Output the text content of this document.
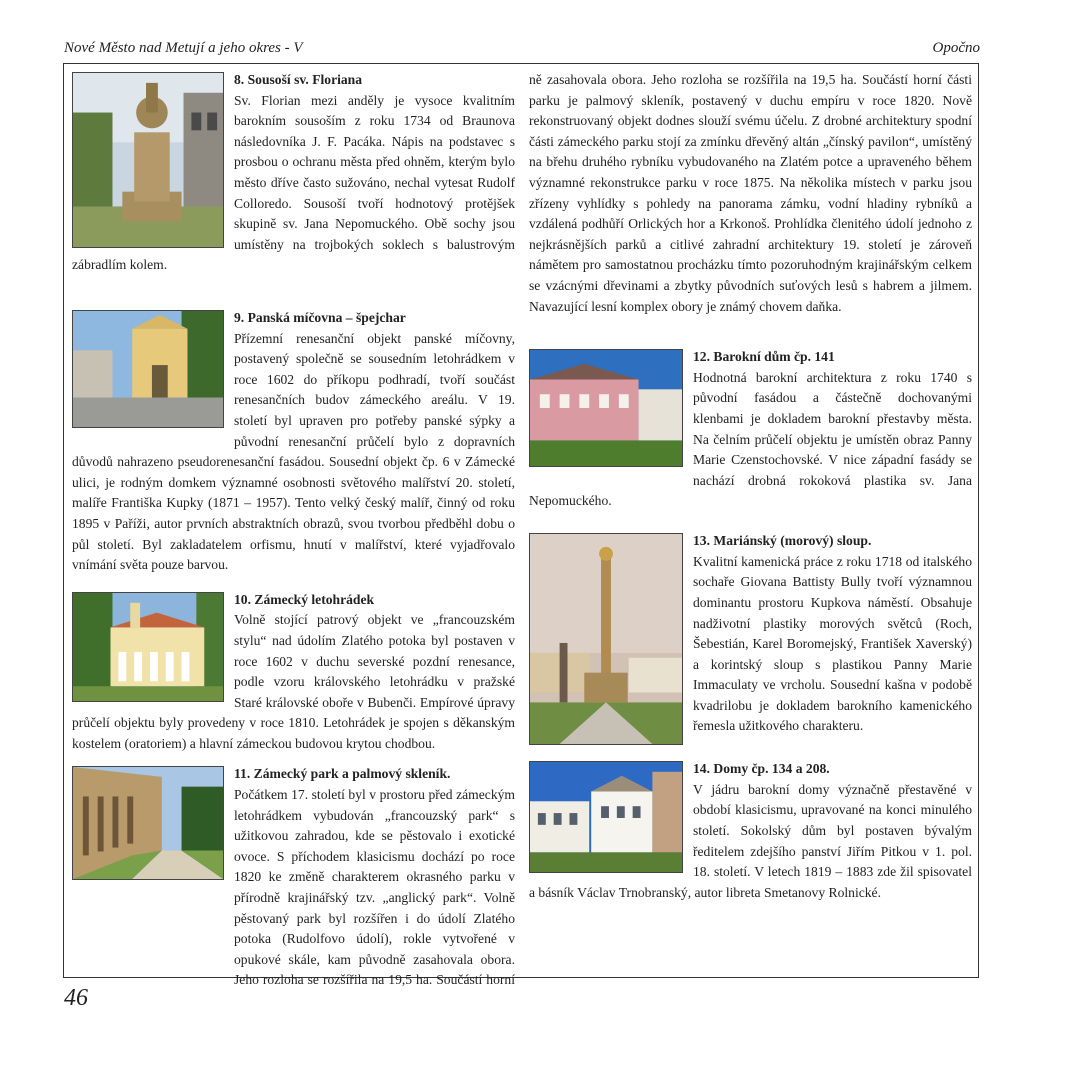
Nové Město nad Metují a jeho okres - V	Opočno
8. Sousoší sv. Floriana

Sv. Florian mezi anděly je vysoce kvalitním barokním sousoším z roku 1734 od Braunova následovníka J. F. Pacáka. Nápis na podstavec s prosbou o ochranu města před ohněm, kterým bylo město dříve často sužováno, nechal vytesat Rudolf Colloredo. Sousoší tvoří hodnotový protějšek skupině sv. Jana Nepomuckého. Obě sochy jsou umístěny na trojbokých soklech s balustrovým zábradlím kolem.

9. Panská míčovna – špejchar

Přízemní renesanční objekt panské míčovny, postavený společně se sousedním letohrádkem v roce 1602 do příkopu podhradí, tvoří součást renesančních budov zámeckého areálu. V 19. století byl upraven pro potřeby panské sýpky a původní renesanční průčelí bylo z dopravních důvodů nahrazeno pseudorenesanční fasádou. Sousední objekt čp. 6 v Zámecké ulici, je rodným domkem významné osobnosti světového malířství 20. století, malíře Františka Kupky (1871 – 1957). Tento velký český malíř, činný od roku 1895 v Paříži, autor prvních abstraktních obrazů, svou tvorbou předběhl dobu o půl století. Byl zakladatelem orfismu, hnutí v malířství, které vyjadřovalo vnímání světa pouze barvou.

10. Zámecký letohrádek

Volně stojící patrový objekt ve „francouzském stylu“ nad údolím Zlatého potoka byl postaven v roce 1602 v duchu severské pozdní renesance, podle vzoru královského letohrádku v pražské Staré královské oboře v Bubenči. Empírové úpravy průčelí objektu byly provedeny v roce 1810. Letohrádek je spojen s děkanským kostelem (oratoriem) a hlavní zámeckou budovou krytou chodbou.

11. Zámecký park a palmový skleník.

Počátkem 17. století byl v prostoru před zámeckým letohrádkem vybudován „francouzský park“ s užitkovou zahradou, kde se pěstovalo i exotické ovoce. S příchodem klasicismu dochází po roce 1820 ke změně charakterem okrasného parku v přírodně krajinářský tzv. „anglický park“. Volně pěstovaný park byl rozšířen i do údolí Zlatého potoka (Rudolfovo údolí), rokle vytvořené v opukové skále, kam původně zasahovala obora. Jeho rozloha se rozšířila na 19,5 ha. Součástí horní

ně zasahovala obora. Jeho rozloha se rozšířila na 19,5 ha. Součástí horní části parku je palmový skleník, postavený v duchu empíru v roce 1820. Nově rekonstruovaný objekt dodnes slouží svému účelu. Z drobné architektury spodní části zámeckého parku stojí za zmínku dřevěný altán „čínský pavilon“, umístěný na břehu druhého rybníku vybudovaného na Zlatém potce a upraveného během významné rekonstrukce parku v roce 1875. Na několika místech v parku jsou zřízeny vyhlídky s pohledy na panorama zámku, vodní hladiny rybníků a vzdálená podhůří Orlických hor a Krkonoš. Prohlídka členitého údolí jednoho z nejkrásnějších parků a citlivé zahradní architektury 19. století je zároveň námětem pro samostatnou procházku tímto pozoruhodným krajinářským celkem se vzácnými dřevinami a zbytky původních suťových lesů s habrem a jilmem. Navazující lesní komplex obory je známý chovem daňka.

12. Barokní dům čp. 141

Hodnotná barokní architektura z roku 1740 s původní fasádou a částečně dochovanými klenbami je dokladem barokní přestavby města. Na čelním průčelí objektu je umístěn obraz Panny Marie Czenstochovské. V nice západní fasády se nachází drobná rokoková plastika sv. Jana Nepomuckého.

13. Mariánský (morový) sloup.

Kvalitní kamenická práce z roku 1718 od italského sochaře Giovana Battisty Bully tvoří významnou dominantu prostoru Kupkova náměstí. Obsahuje nadživotní plastiky morových světců (Roch, Šebestián, Karel Boromejský, František Xaverský) a korintský sloup s plastikou Panny Marie Immaculaty ve vrcholu. Sousední kašna v podobě kvadrilobu je dokladem barokního kamenického řemesla užitkového charakteru.

14. Domy čp. 134 a 208.

V jádru barokní domy význačně přestavěné v období klasicismu, upravované na konci minulého století. Sokolský dům byl postaven bývalým ředitelem zdejšího panství Jiřím Pitkou v 1. pol. 18. století. V letech 1819 – 1883 zde žil spisovatel a básník Václav Trnobranský, autor libreta Smetanovy Rolnické.

46
